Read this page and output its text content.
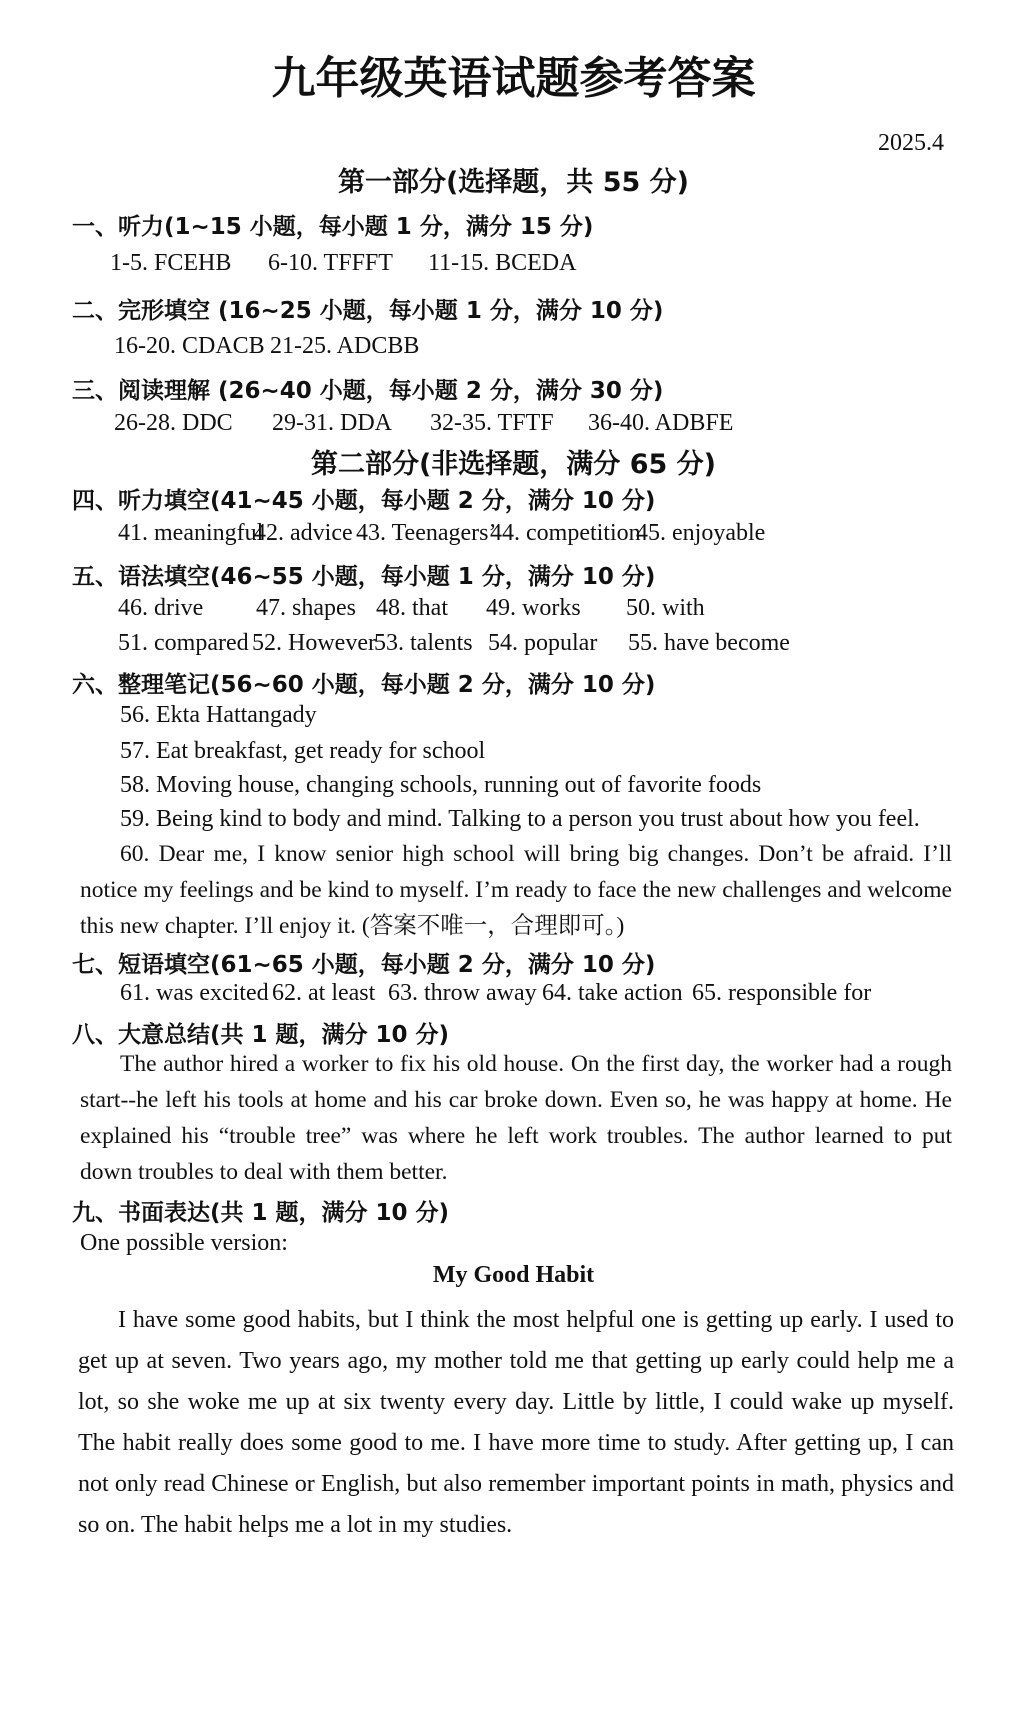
九年级英语试题参考答案
2025.4
第一部分(选择题，共 55 分)
一、听力(1~15 小题，每小题 1 分，满分 15 分)
1-5. FCEHB 6-10. TFFFT 11-15. BCEDA
二、完形填空 (16~25 小题，每小题 1 分，满分 10 分)
16-20. CDACB 21-25. ADCBB
三、阅读理解 (26~40 小题，每小题 2 分，满分 30 分)
26-28. DDC 29-31. DDA 32-35. TFTF 36-40. ADBFE
第二部分(非选择题，满分 65 分)
四、听力填空(41~45 小题，每小题 2 分，满分 10 分)
41. meaningful
42. advice 43. Teenagers’
44. competition
45. enjoyable
五、语法填空(46~55 小题，每小题 1 分，满分 10 分)
46. drive 47. shapes 48. that 49. works 50. with
51. compared 52. However
53. talents 54. popular 55. have become
六、整理笔记(56~60 小题，每小题 2 分，满分 10 分)
56. Ekta Hattangady
57. Eat breakfast, get ready for school
58. Moving house, changing schools, running out of favorite foods
59. Being kind to body and mind. Talking to a person you trust about how you feel.

60. Dear me, I know senior high school will bring big changes. Don’t be afraid. I’ll notice my feelings and be kind to myself. I’m ready to face the new challenges and welcome this new chapter. I’ll enjoy it. (答案不唯一，合理即可。)

七、短语填空(61~65 小题，每小题 2 分，满分 10 分)
61. was excited 62. at least 63. throw away 64. take action 65. responsible for
八、大意总结(共 1 题，满分 10 分)

The author hired a worker to fix his old house. On the first day, the worker had a rough start--he left his tools at home and his car broke down. Even so, he was happy at home. He explained his “trouble tree” was where he left work troubles. The author learned to put down troubles to deal with them better.

九、书面表达(共 1 题，满分 10 分)
One possible version:
My Good Habit

I have some good habits, but I think the most helpful one is getting up early. I used to get up at seven. Two years ago, my mother told me that getting up early could help me a lot, so she woke me up at six twenty every day. Little by little, I could wake up myself. The habit really does some good to me. I have more time to study. After getting up, I can not only read Chinese or English, but also remember important points in math, physics and so on. The habit helps me a lot in my studies.
